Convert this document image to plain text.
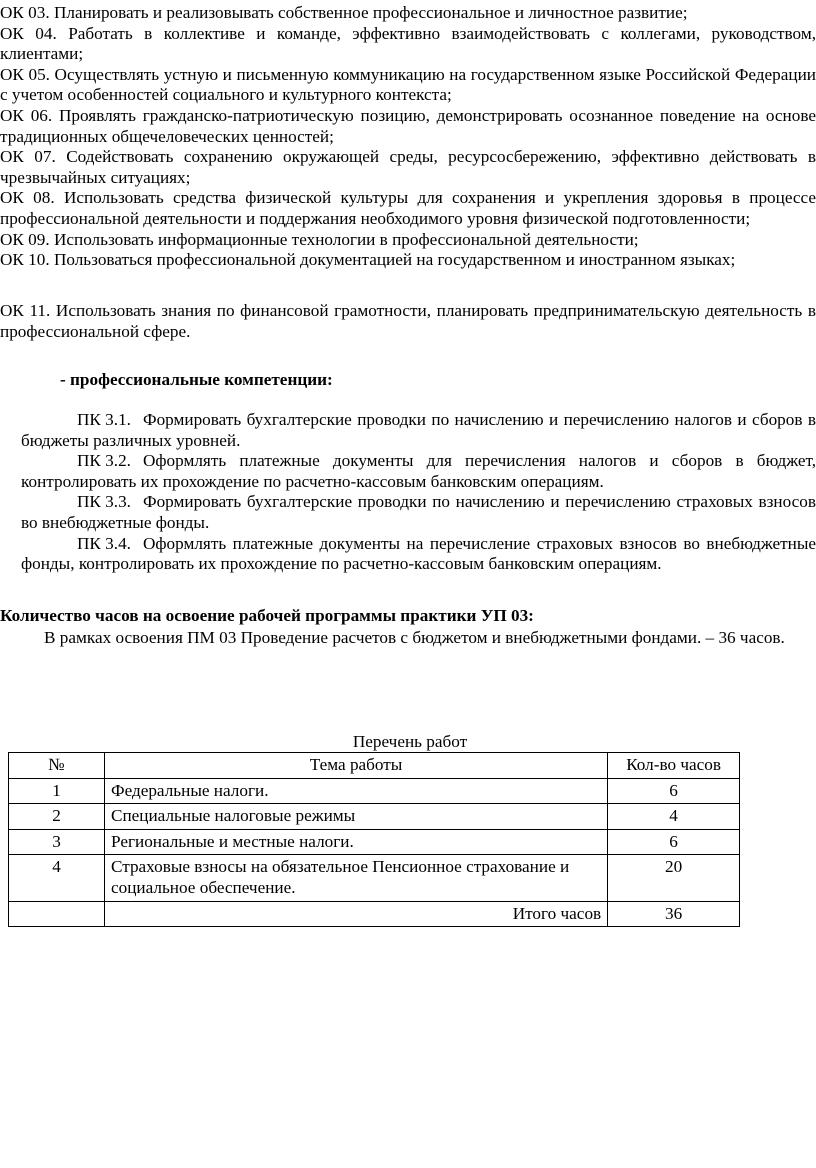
ОК 03. Планировать и реализовывать собственное профессиональное и личностное развитие;

ОК 04. Работать в коллективе и команде, эффективно взаимодействовать с коллегами, руководством, клиентами;

ОК 05. Осуществлять устную и письменную коммуникацию на государственном языке Российской Федерации с учетом особенностей социального и культурного контекста;

ОК 06. Проявлять гражданско-патриотическую позицию, демонстрировать осознанное поведение на основе традиционных общечеловеческих ценностей;

ОК 07. Содействовать сохранению окружающей среды, ресурсосбережению, эффективно действовать в чрезвычайных ситуациях;

ОК 08. Использовать средства физической культуры для сохранения и укрепления здоровья в процессе профессиональной деятельности и поддержания необходимого уровня физической подготовленности;

ОК 09. Использовать информационные технологии в профессиональной деятельности;

ОК 10. Пользоваться профессиональной документацией на государственном и иностранном языках;

ОК 11. Использовать знания по финансовой грамотности, планировать предпринимательскую деятельность в профессиональной сфере.

- профессиональные компетенции:

ПК 3.1. Формировать бухгалтерские проводки по начислению и перечислению налогов и сборов в бюджеты различных уровней.

ПК 3.2. Оформлять платежные документы для перечисления налогов и сборов в бюджет, контролировать их прохождение по расчетно-кассовым банковским операциям.

ПК 3.3. Формировать бухгалтерские проводки по начислению и перечислению страховых взносов во внебюджетные фонды.

ПК 3.4. Оформлять платежные документы на перечисление страховых взносов во внебюджетные фонды, контролировать их прохождение по расчетно-кассовым банковским операциям.

Количество часов на освоение рабочей программы практики УП 03:

В рамках освоения ПМ 03 Проведение расчетов с бюджетом и внебюджетными фондами. – 36 часов.

Перечень работ

№	Тема работы	Кол-во часов
1	Федеральные налоги.	6
2	Специальные налоговые режимы	4
3	Региональные и местные налоги.	6
4	Страховые взносы на обязательное Пенсионное страхование и социальное обеспечение.	20
	Итого часов	36
